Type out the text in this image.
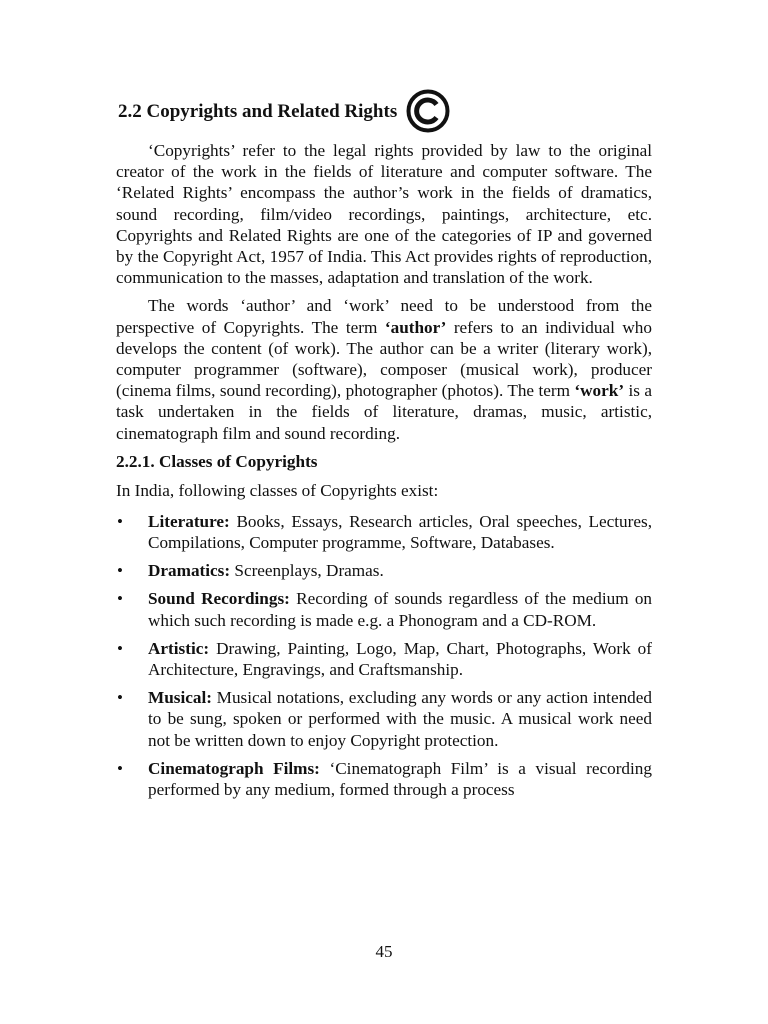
2.2 Copyrights and Related Rights

‘Copyrights’ refer to the legal rights provided by law to the original creator of the work in the fields of literature and computer software. The ‘Related Rights’ encompass the author’s work in the fields of dramatics, sound recording, film/video recordings, paintings, architecture, etc. Copyrights and Related Rights are one of the categories of IP and governed by the Copyright Act, 1957 of India. This Act provides rights of reproduction, communication to the masses, adaptation and translation of the work.

The words ‘author’ and ‘work’ need to be understood from the perspective of Copyrights. The term ‘author’ refers to an individual who develops the content (of work). The author can be a writer (literary work), computer programmer (software), composer (musical work), producer (cinema films, sound recording), photographer (photos). The term ‘work’ is a task undertaken in the fields of literature, dramas, music, artistic, cinematograph film and sound recording.

2.2.1. Classes of Copyrights
In India, following classes of Copyrights exist:
• Literature: Books, Essays, Research articles, Oral speeches, Lectures, Compilations, Computer programme, Software, Databases.
• Dramatics: Screenplays, Dramas.
• Sound Recordings: Recording of sounds regardless of the medium on which such recording is made e.g. a Phonogram and a CD-ROM.
• Artistic: Drawing, Painting, Logo, Map, Chart, Photographs, Work of Architecture, Engravings, and Craftsmanship.
• Musical: Musical notations, excluding any words or any action intended to be sung, spoken or performed with the music. A musical work need not be written down to enjoy Copyright protection.
• Cinematograph Films: ‘Cinematograph Film’ is a visual recording performed by any medium, formed through a process
45
